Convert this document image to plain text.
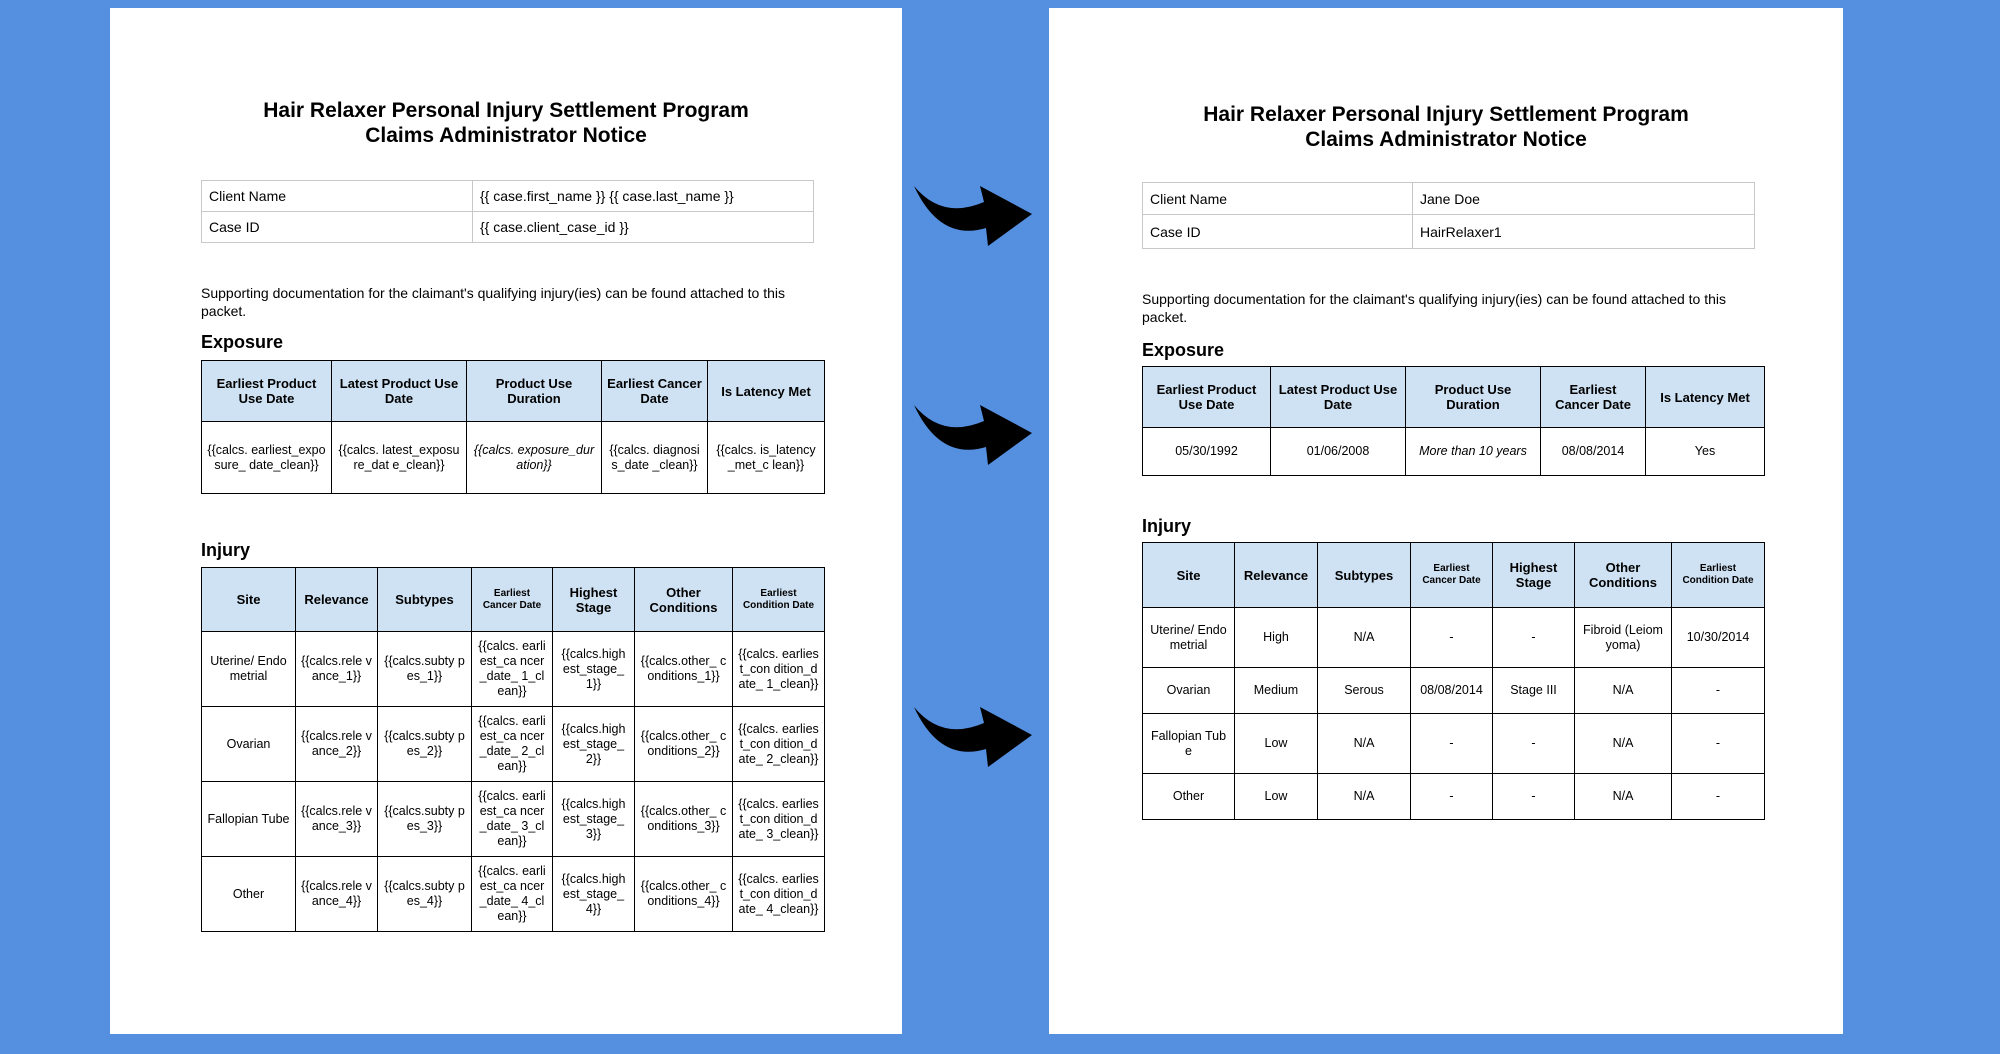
Hair Relaxer Personal Injury Settlement Program
Claims Administrator Notice
Client Name	{{ case.first_name }} {{ case.last_name }}
Case ID	{{ case.client_case_id }}
Supporting documentation for the claimant's qualifying injury(ies) can be found attached to this packet.
Exposure
Earliest Product Use Date	Latest Product Use Date	Product Use Duration	Earliest Cancer Date	Is Latency Met
{{calcs. earliest_exposure_ date_clean}}	{{calcs. latest_exposure_dat e_clean}}	{{calcs. exposure_duration}}	{{calcs. diagnosis_date _clean}}	{{calcs. is_latency_met_c lean}}
Injury
Site	Relevance	Subtypes	Earliest Cancer Date	Highest Stage	Other Conditions	Earliest Condition Date
Uterine/ Endometrial	{{calcs.rele vance_1}}	{{calcs.subty pes_1}}	{{calcs. earliest_ca ncer_date_ 1_clean}}	{{calcs.high est_stage_ 1}}	{{calcs.other_ conditions_1}}	{{calcs. earliest_con dition_date_ 1_clean}}
Ovarian	{{calcs.rele vance_2}}	{{calcs.subty pes_2}}	{{calcs. earliest_ca ncer_date_ 2_clean}}	{{calcs.high est_stage_ 2}}	{{calcs.other_ conditions_2}}	{{calcs. earliest_con dition_date_ 2_clean}}
Fallopian Tube	{{calcs.rele vance_3}}	{{calcs.subty pes_3}}	{{calcs. earliest_ca ncer_date_ 3_clean}}	{{calcs.high est_stage_ 3}}	{{calcs.other_ conditions_3}}	{{calcs. earliest_con dition_date_ 3_clean}}
Other	{{calcs.rele vance_4}}	{{calcs.subty pes_4}}	{{calcs. earliest_ca ncer_date_ 4_clean}}	{{calcs.high est_stage_ 4}}	{{calcs.other_ conditions_4}}	{{calcs. earliest_con dition_date_ 4_clean}}
Hair Relaxer Personal Injury Settlement Program
Claims Administrator Notice
Client Name	Jane Doe
Case ID	HairRelaxer1
Supporting documentation for the claimant's qualifying injury(ies) can be found attached to this packet.
Exposure
Earliest Product Use Date	Latest Product Use Date	Product Use Duration	Earliest Cancer Date	Is Latency Met
05/30/1992	01/06/2008	More than 10 years	08/08/2014	Yes
Injury
Site	Relevance	Subtypes	Earliest Cancer Date	Highest Stage	Other Conditions	Earliest Condition Date
Uterine/ Endometrial	High	N/A	-	-	Fibroid (Leiomyoma)	10/30/2014
Ovarian	Medium	Serous	08/08/2014	Stage III	N/A	-
Fallopian Tube	Low	N/A	-	-	N/A	-
Other	Low	N/A	-	-	N/A	-
